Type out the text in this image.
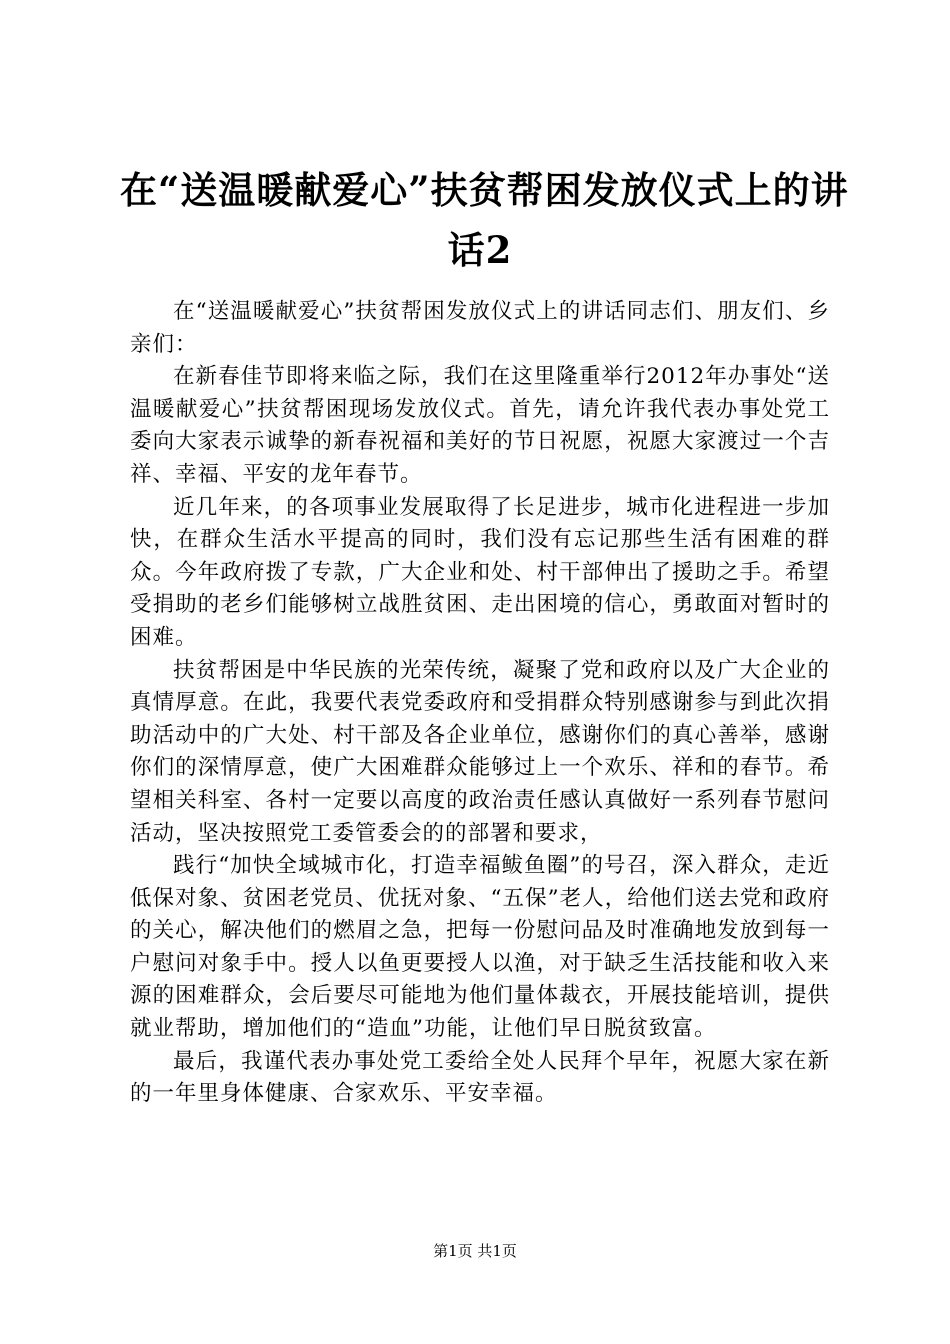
在“送温暖献爱心”扶贫帮困发放仪式上的讲
话2

在“送温暖献爱心”扶贫帮困发放仪式上的讲话同志们、朋友们、乡亲们：

在新春佳节即将来临之际，我们在这里隆重举行2012年办事处“送温暖献爱心”扶贫帮困现场发放仪式。首先，请允许我代表办事处党工委向大家表示诚挚的新春祝福和美好的节日祝愿，祝愿大家渡过一个吉祥、幸福、平安的龙年春节。

近几年来，的各项事业发展取得了长足进步，城市化进程进一步加快，在群众生活水平提高的同时，我们没有忘记那些生活有困难的群众。今年政府拨了专款，广大企业和处、村干部伸出了援助之手。希望受捐助的老乡们能够树立战胜贫困、走出困境的信心，勇敢面对暂时的困难。

扶贫帮困是中华民族的光荣传统，凝聚了党和政府以及广大企业的真情厚意。在此，我要代表党委政府和受捐群众特别感谢参与到此次捐助活动中的广大处、村干部及各企业单位，感谢你们的真心善举，感谢你们的深情厚意，使广大困难群众能够过上一个欢乐、祥和的春节。希望相关科室、各村一定要以高度的政治责任感认真做好一系列春节慰问活动，坚决按照党工委管委会的的部署和要求，

践行“加快全域城市化，打造幸福鲅鱼圈”的号召，深入群众，走近低保对象、贫困老党员、优抚对象、“五保”老人，给他们送去党和政府的关心，解决他们的燃眉之急，把每一份慰问品及时准确地发放到每一户慰问对象手中。授人以鱼更要授人以渔，对于缺乏生活技能和收入来源的困难群众，会后要尽可能地为他们量体裁衣，开展技能培训，提供就业帮助，增加他们的“造血”功能，让他们早日脱贫致富。

最后，我谨代表办事处党工委给全处人民拜个早年，祝愿大家在新的一年里身体健康、合家欢乐、平安幸福。

第1页 共1页
